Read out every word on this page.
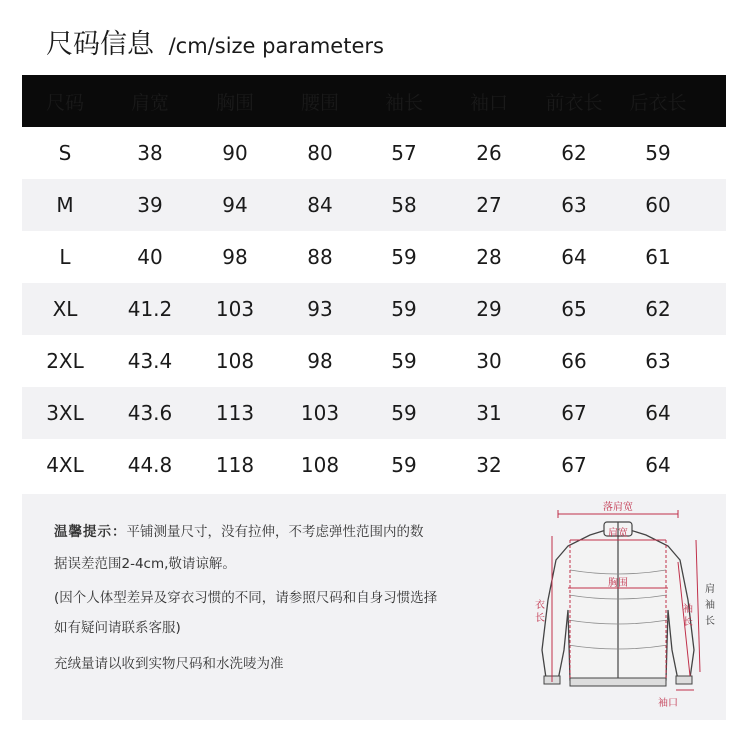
尺码信息 /cm/size parameters
尺码	肩宽	胸围	腰围	袖长	袖口	前衣长	后衣长
S	38	90	80	57	26	62	59
M	39	94	84	58	27	63	60
L	40	98	88	59	28	64	61
XL	41.2	103	93	59	29	65	62
2XL	43.4	108	98	59	30	66	63
3XL	43.6	113	103	59	31	67	64
4XL	44.8	118	108	59	32	67	64
温馨提示：平铺测量尺寸，没有拉伸，不考虑弹性范围内的数
据误差范围2-4cm,敬请谅解。
(因个人体型差异及穿衣习惯的不同，请参照尺码和自身习惯选择
如有疑问请联系客服)
充绒量请以收到实物尺码和水洗唛为准
落肩宽
肩宽
胸围
衣
长
袖
长
肩
袖
长
袖口
